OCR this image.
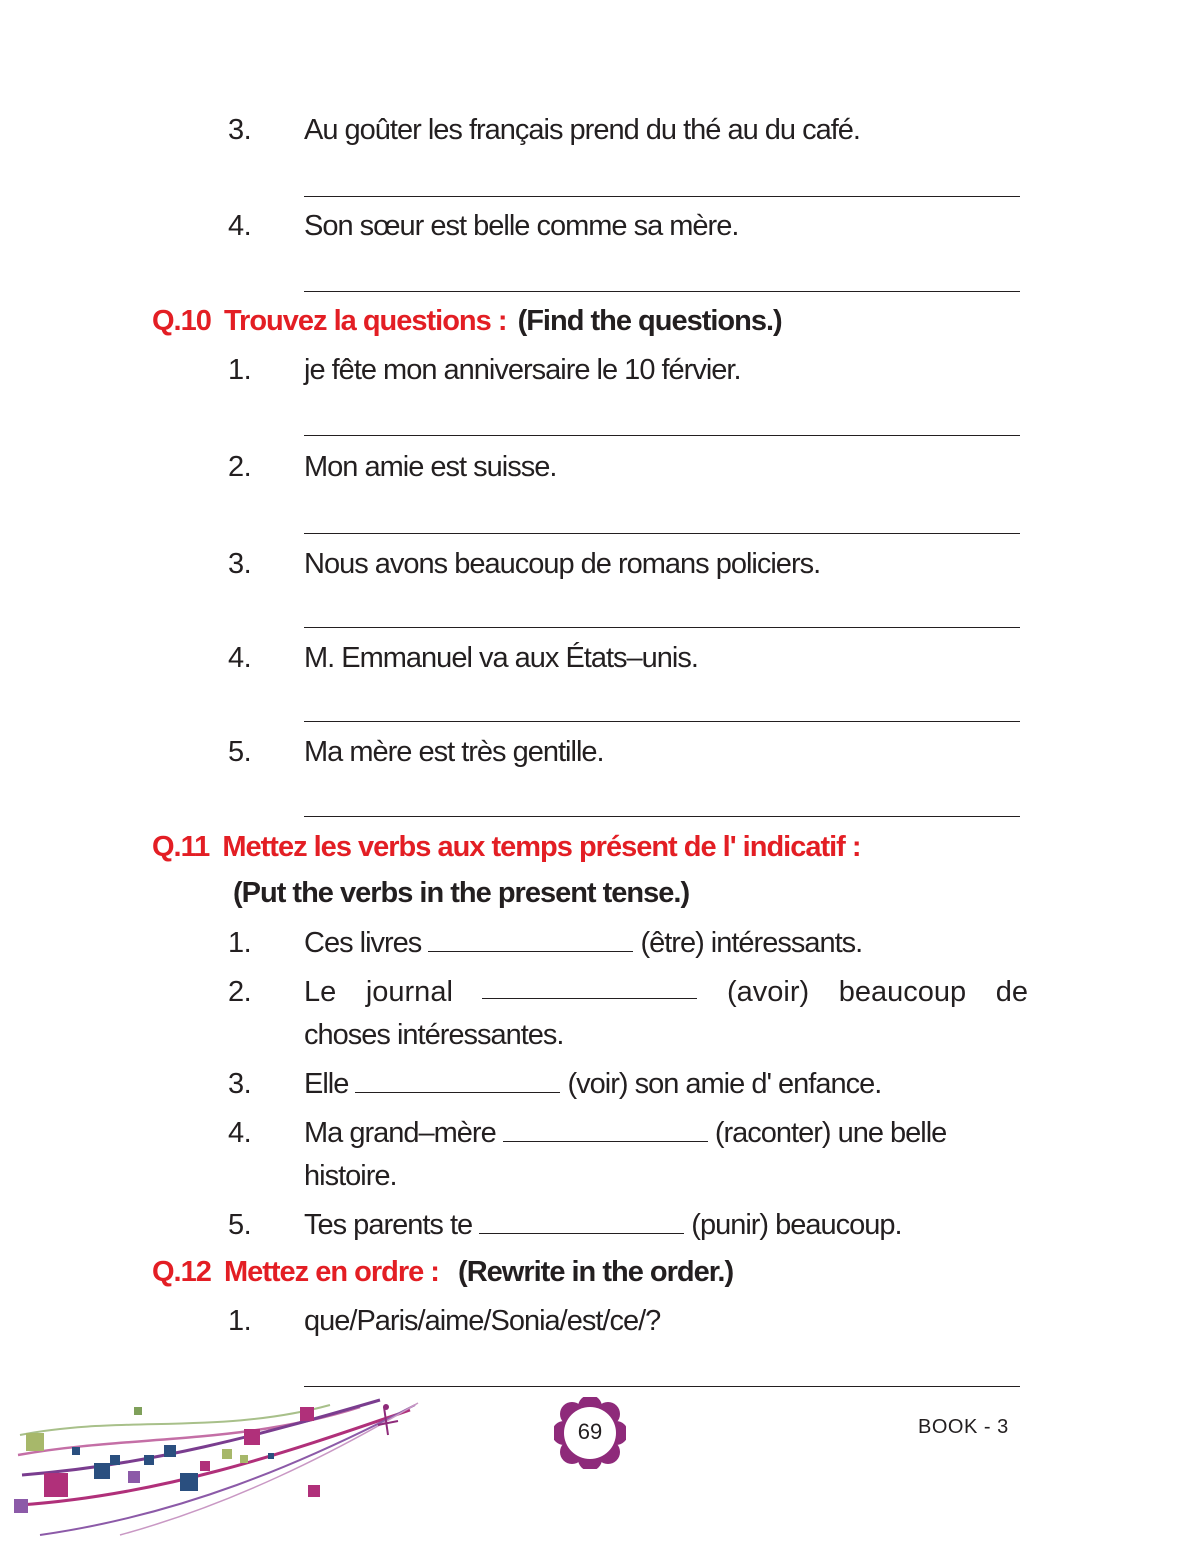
3. Au goûter les français prend du thé au du café.
4. Son sœur est belle comme sa mère.
Q.10 Trouvez la questions : (Find the questions.)
1. je fête mon anniversaire le 10 férvier.
2. Mon amie est suisse.
3. Nous avons beaucoup de romans policiers.
4. M. Emmanuel va aux États–unis.
5. Ma mère est très gentille.
Q.11 Mettez les verbs aux temps présent de l' indicatif :
(Put the verbs in the present tense.)
1. Ces livres	(être) intéressants.
2. Le journal	(avoir) beaucoup de
choses intéressantes.
3. Elle	(voir) son amie d' enfance.
4. Ma grand–mère	(raconter) une belle
histoire.
5. Tes parents te	(punir) beaucoup.
Q.12 Mettez en ordre : (Rewrite in the order.)
1. que/Paris/aime/Sonia/est/ce/?
69	BOOK - 3
